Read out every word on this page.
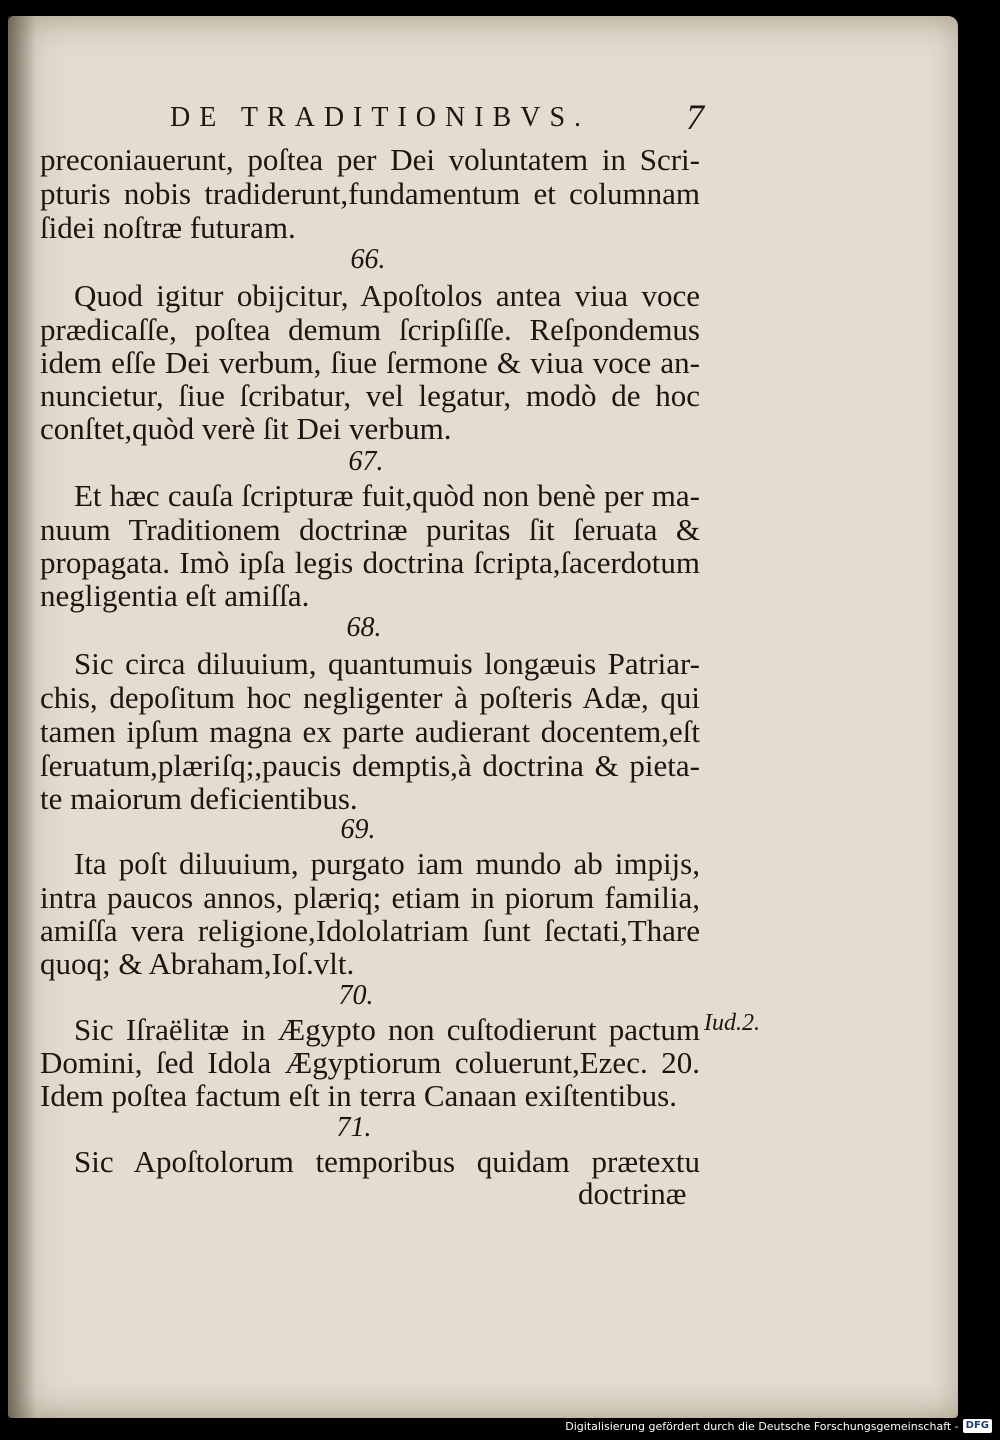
DE TRADITIONIBVS.	7
preconiauerunt, poſtea per Dei voluntatem in Scri-
pturis nobis tradiderunt,fundamentum et columnam
ſidei noſtræ futuram.
66.
Quod igitur obijcitur, Apoſtolos antea viua voce
prædicaſſe, poſtea demum ſcripſiſſe. Reſpondemus
idem eſſe Dei verbum, ſiue ſermone & viua voce an-
nuncietur, ſiue ſcribatur, vel legatur, modò de hoc
conſtet,quòd verè ſit Dei verbum.
67.
Et hæc cauſa ſcripturæ fuit,quòd non benè per ma-
nuum Traditionem doctrinæ puritas ſit ſeruata &
propagata. Imò ipſa legis doctrina ſcripta,ſacerdotum
negligentia eſt amiſſa.
68.
Sic circa diluuium, quantumuis longæuis Patriar-
chis, depoſitum hoc negligenter à poſteris Adæ, qui
tamen ipſum magna ex parte audierant docentem,eſt
ſeruatum,plæriſq;,paucis demptis,à doctrina & pieta-
te maiorum deficientibus.
69.
Ita poſt diluuium, purgato iam mundo ab impijs,
intra paucos annos, plæriq; etiam in piorum familia,
amiſſa vera religione,Idololatriam ſunt ſectati,Thare
quoq; & Abraham,Ioſ.vlt.
70.
Sic Iſraëlitæ in Ægypto non cuſtodierunt pactum
Domini, ſed Idola Ægyptiorum coluerunt,Ezec. 20.
Idem poſtea factum eſt in terra Canaan exiſtentibus.
Iud.2.
71.
Sic Apoſtolorum temporibus quidam prætextu
doctrinæ
Digitalisierung gefördert durch die Deutsche Forschungsgemeinschaft - DFG
